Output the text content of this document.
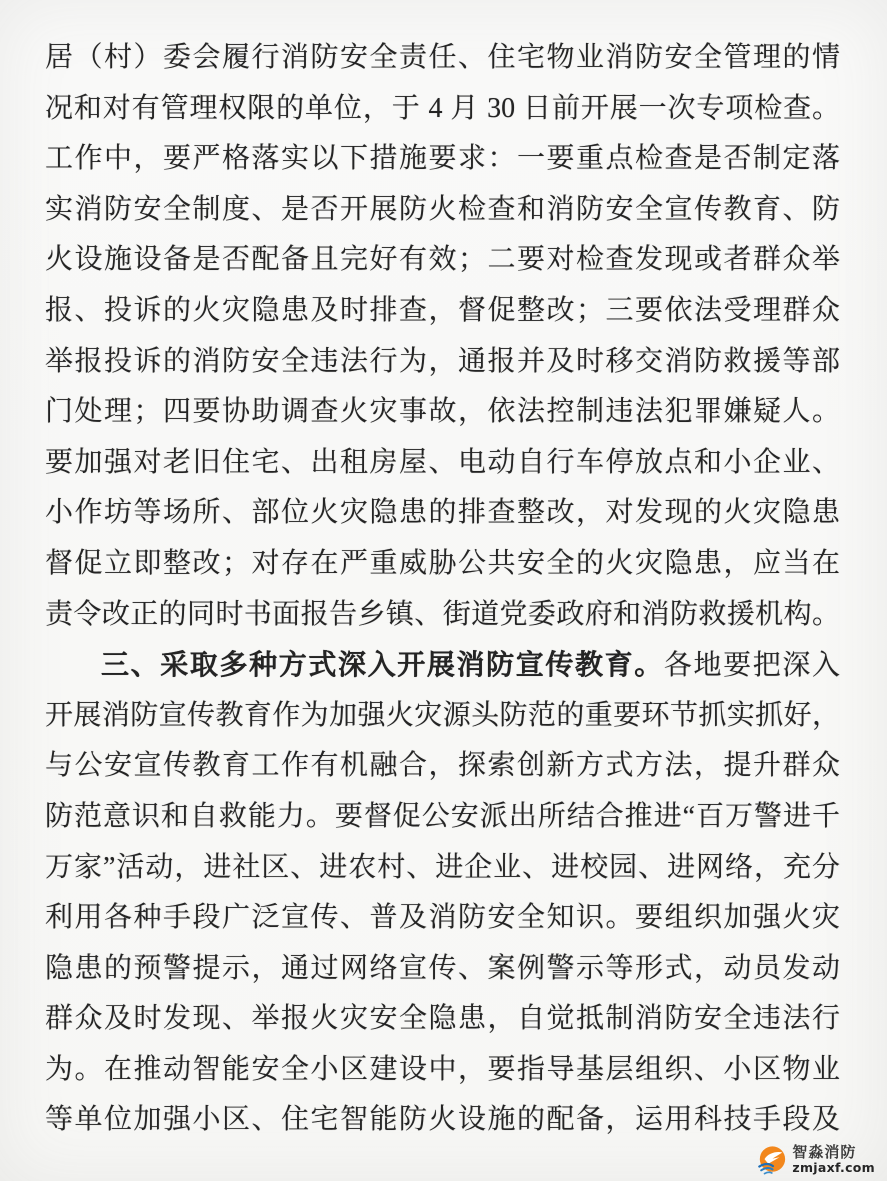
居（村）委会履行消防安全责任、住宅物业消防安全管理的情
况和对有管理权限的单位，于 4 月 30 日前开展一次专项检查。
工作中，要严格落实以下措施要求：一要重点检查是否制定落
实消防安全制度、是否开展防火检查和消防安全宣传教育、防
火设施设备是否配备且完好有效；二要对检查发现或者群众举
报、投诉的火灾隐患及时排查，督促整改；三要依法受理群众
举报投诉的消防安全违法行为，通报并及时移交消防救援等部
门处理；四要协助调查火灾事故，依法控制违法犯罪嫌疑人。
要加强对老旧住宅、出租房屋、电动自行车停放点和小企业、
小作坊等场所、部位火灾隐患的排查整改，对发现的火灾隐患
督促立即整改；对存在严重威胁公共安全的火灾隐患，应当在
责令改正的同时书面报告乡镇、街道党委政府和消防救援机构。
三、采取多种方式深入开展消防宣传教育。各地要把深入
开展消防宣传教育作为加强火灾源头防范的重要环节抓实抓好，
与公安宣传教育工作有机融合，探索创新方式方法，提升群众
防范意识和自救能力。要督促公安派出所结合推进“百万警进千
万家”活动，进社区、进农村、进企业、进校园、进网络，充分
利用各种手段广泛宣传、普及消防安全知识。要组织加强火灾
隐患的预警提示，通过网络宣传、案例警示等形式，动员发动
群众及时发现、举报火灾安全隐患，自觉抵制消防安全违法行
为。在推动智能安全小区建设中，要指导基层组织、小区物业
等单位加强小区、住宅智能防火设施的配备，运用科技手段及
智淼消防
zmjaxf.com
